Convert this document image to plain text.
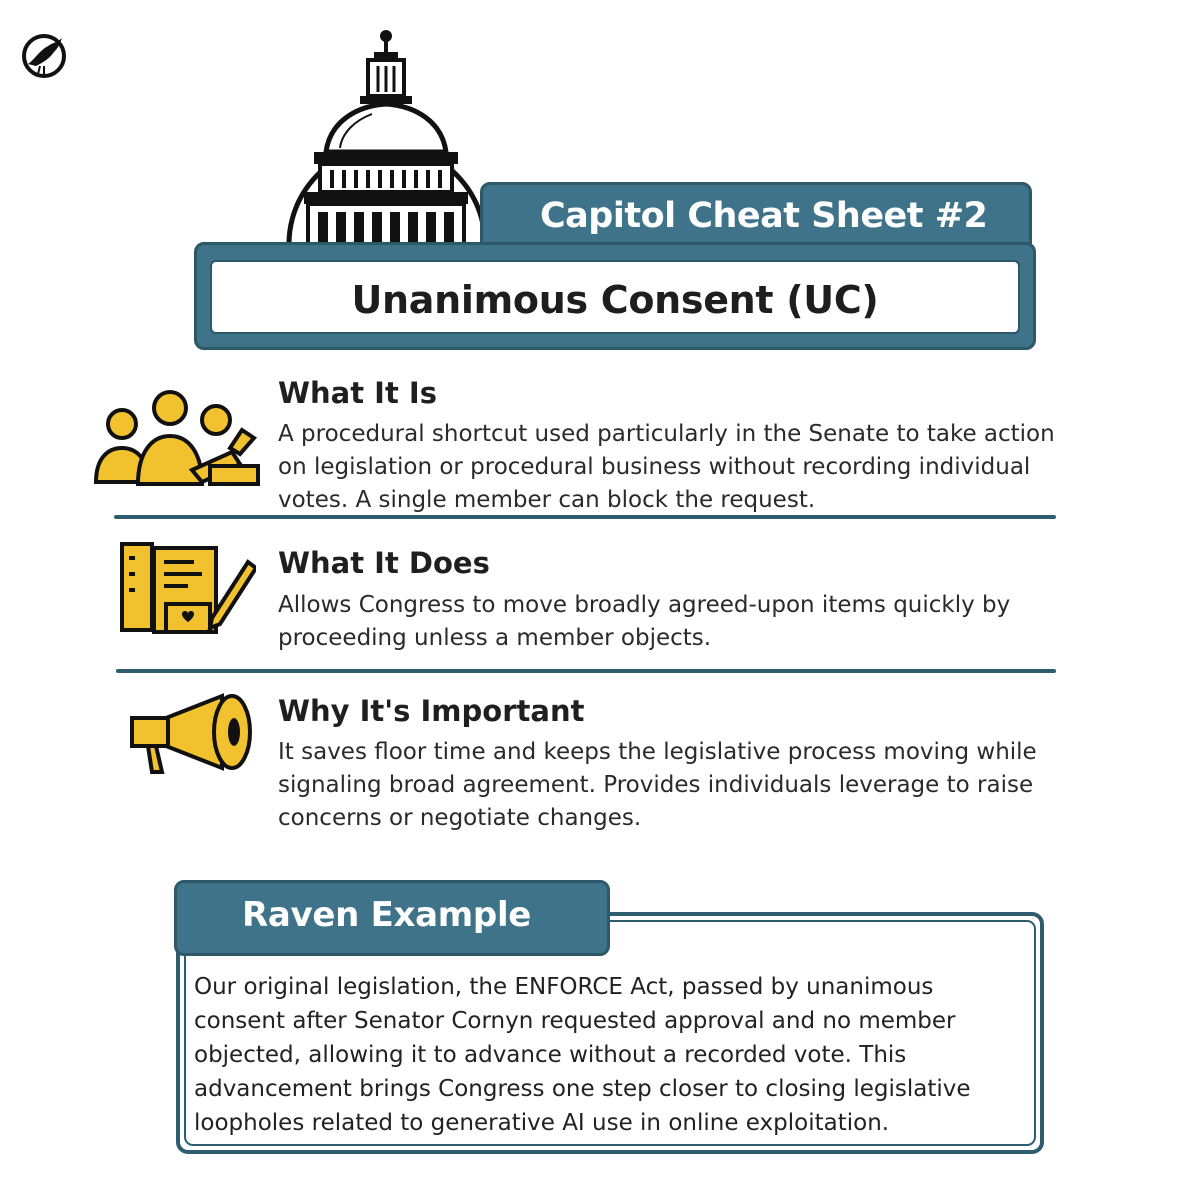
Capitol Cheat Sheet #2
Unanimous Consent (UC)
What It Is
A procedural shortcut used particularly in the Senate to take action on legislation or procedural business without recording individual votes. A single member can block the request.
What It Does
Allows Congress to move broadly agreed-upon items quickly by proceeding unless a member objects.
Why It's Important
It saves floor time and keeps the legislative process moving while signaling broad agreement. Provides individuals leverage to raise concerns or negotiate changes.
Raven Example
Our original legislation, the ENFORCE Act, passed by unanimous consent after Senator Cornyn requested approval and no member objected, allowing it to advance without a recorded vote. This advancement brings Congress one step closer to closing legislative loopholes related to generative AI use in online exploitation.
